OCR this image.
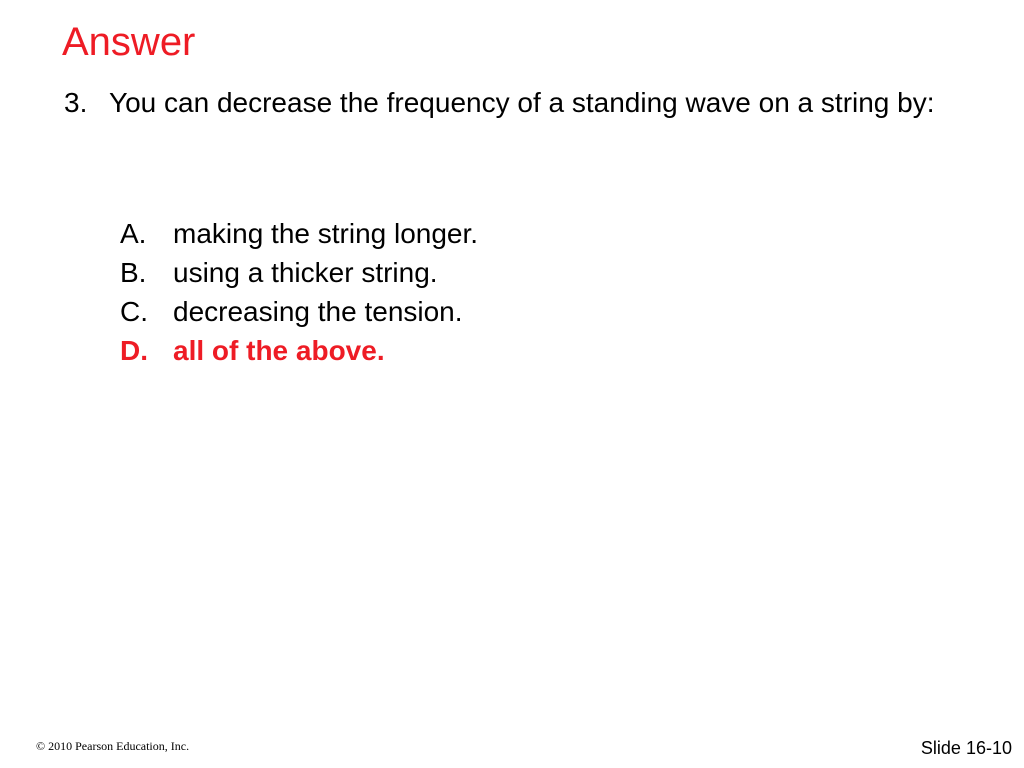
Answer
3. You can decrease the frequency of a standing wave on a string by:
A. making the string longer.
B. using a thicker string.
C. decreasing the tension.
D. all of the above.
© 2010 Pearson Education, Inc.	Slide 16-10
